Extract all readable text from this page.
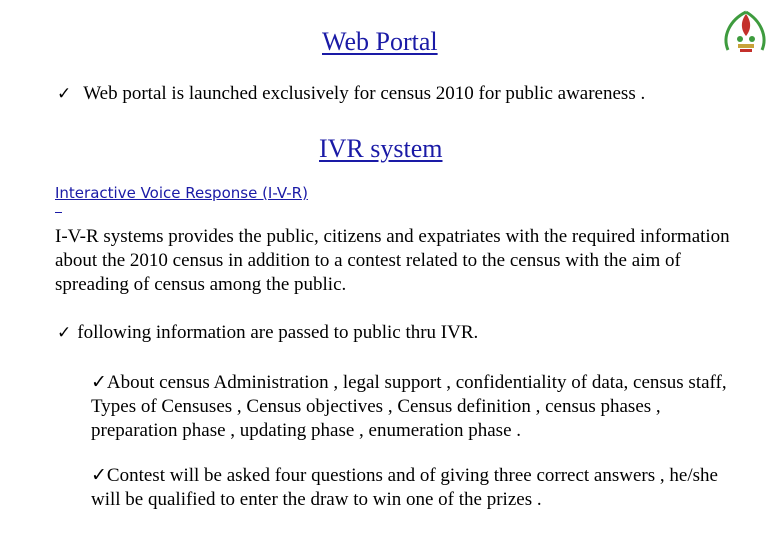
Web Portal
✓ Web portal is launched exclusively for census 2010 for public awareness .
IVR system
Interactive Voice Response (I-V-R)

I-V-R systems provides the public, citizens and expatriates with the required information about the 2010 census in addition to a contest related to the census with the aim of spreading of census among the public.

✓ following information are passed to public thru IVR.

✓About census Administration , legal support , confidentiality of data, census staff, Types of Censuses , Census objectives , Census definition , census phases , preparation phase , updating phase , enumeration phase .

✓Contest will be asked four questions and of giving three correct answers , he/she will be qualified to enter the draw to win one of the prizes .
